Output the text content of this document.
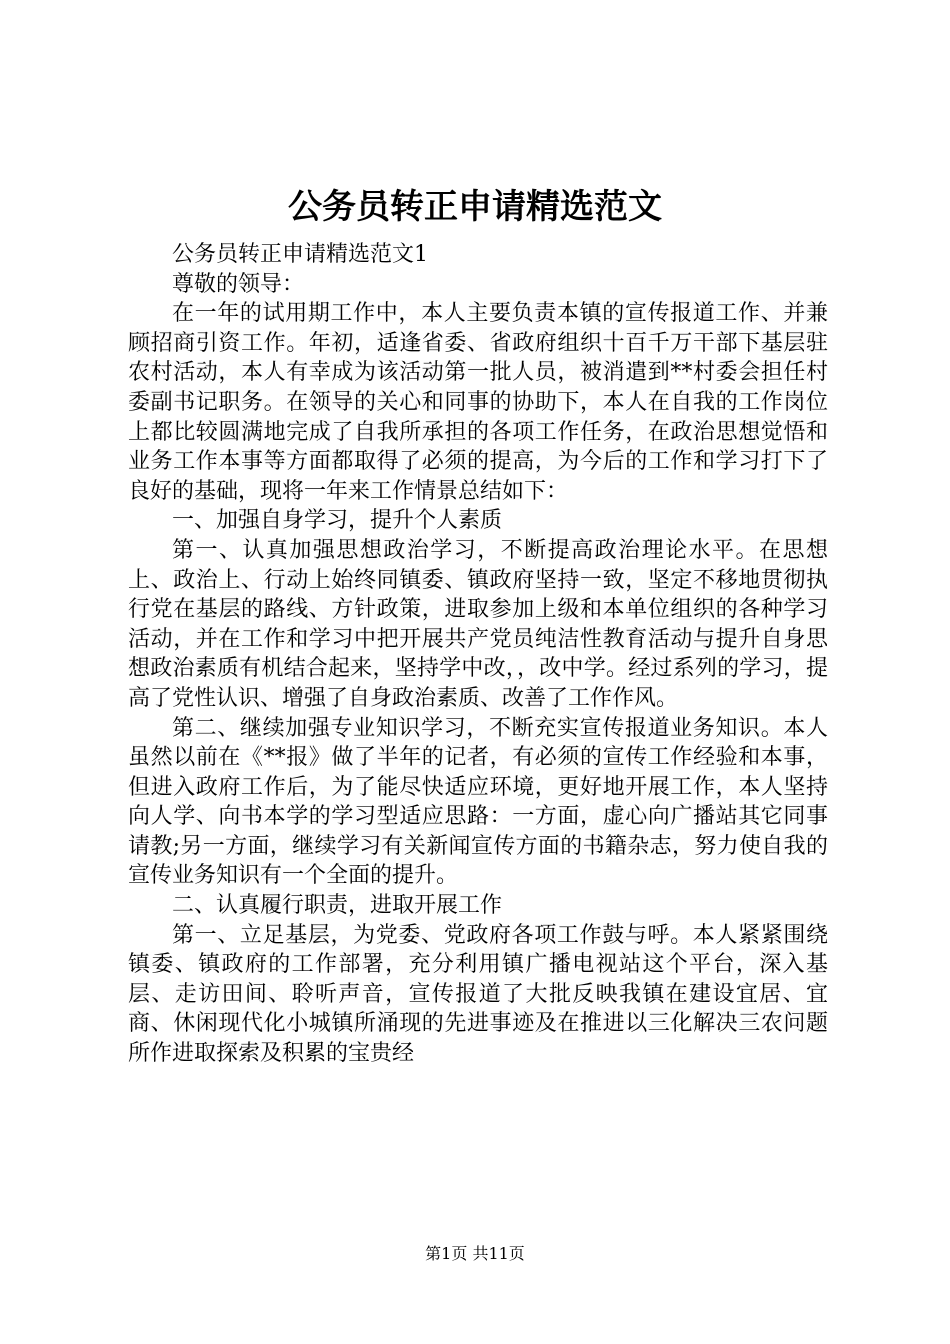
公务员转正申请精选范文

公务员转正申请精选范文1

尊敬的领导：

在一年的试用期工作中，本人主要负责本镇的宣传报道工作、并兼顾招商引资工作。年初，适逢省委、省政府组织十百千万干部下基层驻农村活动，本人有幸成为该活动第一批人员，被消遣到**村委会担任村委副书记职务。在领导的关心和同事的协助下，本人在自我的工作岗位上都比较圆满地完成了自我所承担的各项工作任务，在政治思想觉悟和业务工作本事等方面都取得了必须的提高，为今后的工作和学习打下了良好的基础，现将一年来工作情景总结如下：

一、加强自身学习，提升个人素质

第一、认真加强思想政治学习，不断提高政治理论水平。在思想上、政治上、行动上始终同镇委、镇政府坚持一致，坚定不移地贯彻执行党在基层的路线、方针政策，进取参加上级和本单位组织的各种学习活动，并在工作和学习中把开展共产党员纯洁性教育活动与提升自身思想政治素质有机结合起来，坚持学中改，，改中学。经过系列的学习，提高了党性认识、增强了自身政治素质、改善了工作作风。

第二、继续加强专业知识学习，不断充实宣传报道业务知识。本人虽然以前在《**报》做了半年的记者，有必须的宣传工作经验和本事，但进入政府工作后，为了能尽快适应环境，更好地开展工作，本人坚持向人学、向书本学的学习型适应思路：一方面，虚心向广播站其它同事请教;另一方面，继续学习有关新闻宣传方面的书籍杂志，努力使自我的宣传业务知识有一个全面的提升。

二、认真履行职责，进取开展工作

第一、立足基层，为党委、党政府各项工作鼓与呼。本人紧紧围绕镇委、镇政府的工作部署，充分利用镇广播电视站这个平台，深入基层、走访田间、聆听声音，宣传报道了大批反映我镇在建设宜居、宜商、休闲现代化小城镇所涌现的先进事迹及在推进以三化解决三农问题所作进取探索及积累的宝贵经

第1页 共11页
